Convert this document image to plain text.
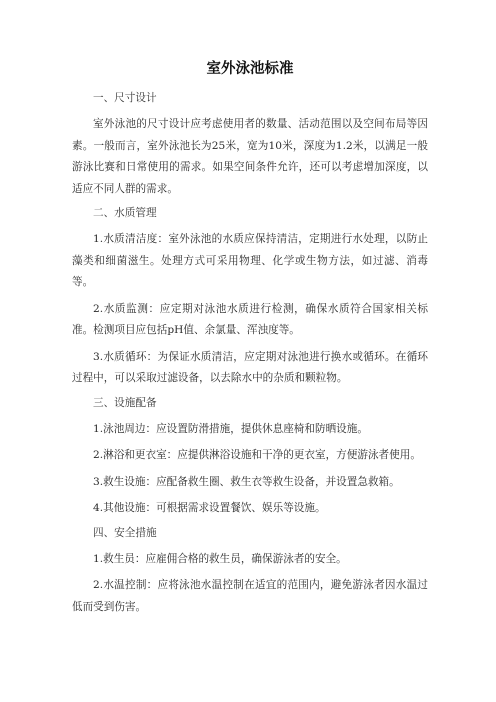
室外泳池标准
一、尺寸设计
室外泳池的尺寸设计应考虑使用者的数量、活动范围以及空间布局等因素。一般而言，室外泳池长为25米，宽为10米，深度为1.2米，以满足一般游泳比赛和日常使用的需求。如果空间条件允许，还可以考虑增加深度，以适应不同人群的需求。
二、水质管理
1.水质清洁度：室外泳池的水质应保持清洁，定期进行水处理，以防止藻类和细菌滋生。处理方式可采用物理、化学或生物方法，如过滤、消毒等。
2.水质监测：应定期对泳池水质进行检测，确保水质符合国家相关标准。检测项目应包括pH值、余氯量、浑浊度等。
3.水质循环：为保证水质清洁，应定期对泳池进行换水或循环。在循环过程中，可以采取过滤设备，以去除水中的杂质和颗粒物。
三、设施配备
1.泳池周边：应设置防滑措施，提供休息座椅和防晒设施。
2.淋浴和更衣室：应提供淋浴设施和干净的更衣室，方便游泳者使用。
3.救生设施：应配备救生圈、救生衣等救生设备，并设置急救箱。
4.其他设施：可根据需求设置餐饮、娱乐等设施。
四、安全措施
1.救生员：应雇佣合格的救生员，确保游泳者的安全。
2.水温控制：应将泳池水温控制在适宜的范围内，避免游泳者因水温过低而受到伤害。
